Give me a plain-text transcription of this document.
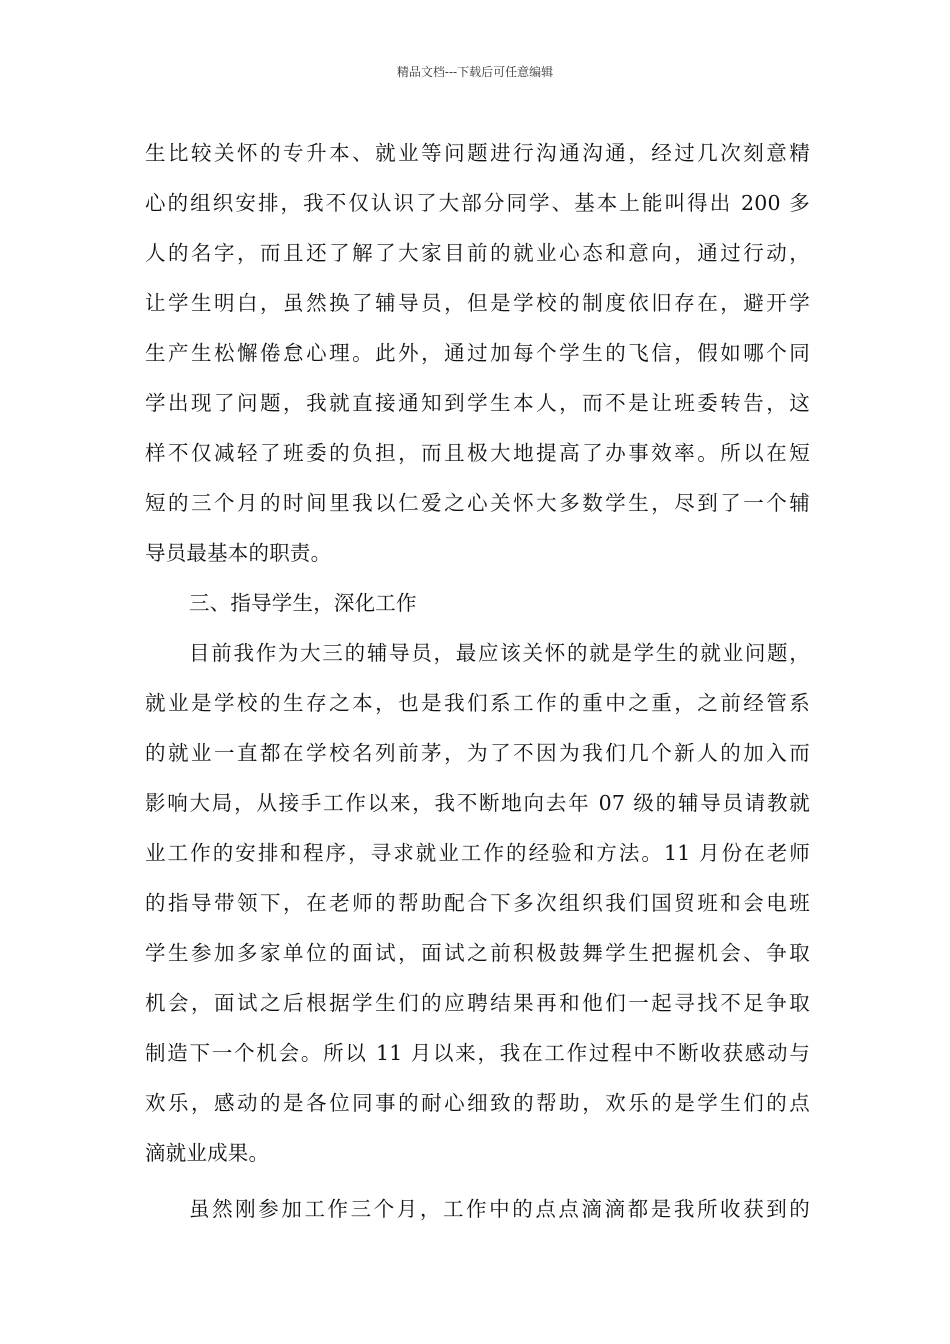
精品文档---下载后可任意编辑
生比较关怀的专升本、就业等问题进行沟通沟通，经过几次刻意精
心的组织安排，我不仅认识了大部分同学、基本上能叫得出 200 多
人的名字，而且还了解了大家目前的就业心态和意向，通过行动，
让学生明白，虽然换了辅导员，但是学校的制度依旧存在，避开学
生产生松懈倦怠心理。此外，通过加每个学生的飞信，假如哪个同
学出现了问题，我就直接通知到学生本人，而不是让班委转告，这
样不仅减轻了班委的负担，而且极大地提高了办事效率。所以在短
短的三个月的时间里我以仁爱之心关怀大多数学生，尽到了一个辅
导员最基本的职责。
三、指导学生，深化工作
目前我作为大三的辅导员，最应该关怀的就是学生的就业问题，
就业是学校的生存之本，也是我们系工作的重中之重，之前经管系
的就业一直都在学校名列前茅，为了不因为我们几个新人的加入而
影响大局，从接手工作以来，我不断地向去年 07 级的辅导员请教就
业工作的安排和程序，寻求就业工作的经验和方法。11 月份在老师
的指导带领下，在老师的帮助配合下多次组织我们国贸班和会电班
学生参加多家单位的面试，面试之前积极鼓舞学生把握机会、争取
机会，面试之后根据学生们的应聘结果再和他们一起寻找不足争取
制造下一个机会。所以 11 月以来，我在工作过程中不断收获感动与
欢乐，感动的是各位同事的耐心细致的帮助，欢乐的是学生们的点
滴就业成果。
虽然刚参加工作三个月，工作中的点点滴滴都是我所收获到的
